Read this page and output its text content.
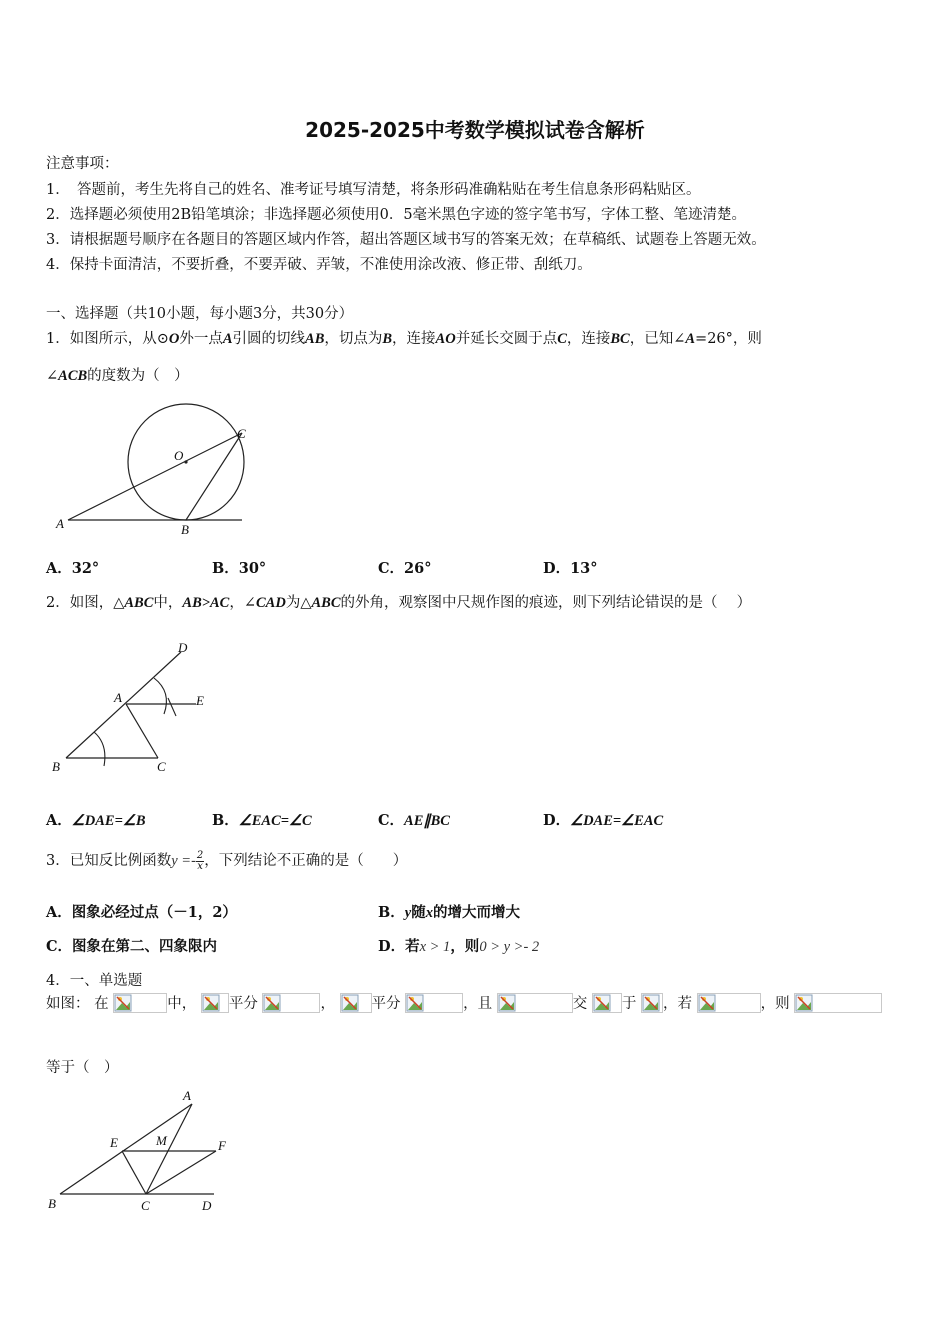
2025-2025中考数学模拟试卷含解析
注意事项：
1．　答题前，考生先将自己的姓名、准考证号填写清楚，将条形码准确粘贴在考生信息条形码粘贴区。
2．选择题必须使用2B铅笔填涂；非选择题必须使用0．5毫米黑色字迹的签字笔书写，字体工整、笔迹清楚。
3．请根据题号顺序在各题目的答题区域内作答，超出答题区域书写的答案无效；在草稿纸、试题卷上答题无效。
4．保持卡面清洁，不要折叠，不要弄破、弄皱，不准使用涂改液、修正带、刮纸刀。
一、选择题（共10小题，每小题3分，共30分）
1．如图所示，从⊙O外一点A引圆的切线AB，切点为B，连接AO并延长交圆于点C，连接BC，已知∠A=26°，则
∠ACB的度数为（　）
O
C
A	B
A．32°	B．30°	C．26°	D．13°
2．如图，△ABC中，AB>AC，∠CAD为△ABC的外角，观察图中尺规作图的痕迹，则下列结论错误的是（　 ）
D
A	E
B	C
A．∠DAE=∠B	B．∠EAC=∠C	C．AE∥BC	D．∠DAE=∠EAC
3．已知反比例函数$y =- \frac{2}{x}$ ，下列结论不正确的是（　　）
A．图象必经过点（－1，2）	B．y随x的增大而增大
C．图象在第二、四象限内	D．若x > 1，则0 > y >- 2
4．一、单选题
如图： 在	中， 平分	，	平分	，且	交 于 ，若	，则
等于（　）
A
E	M	F
B	C	D
